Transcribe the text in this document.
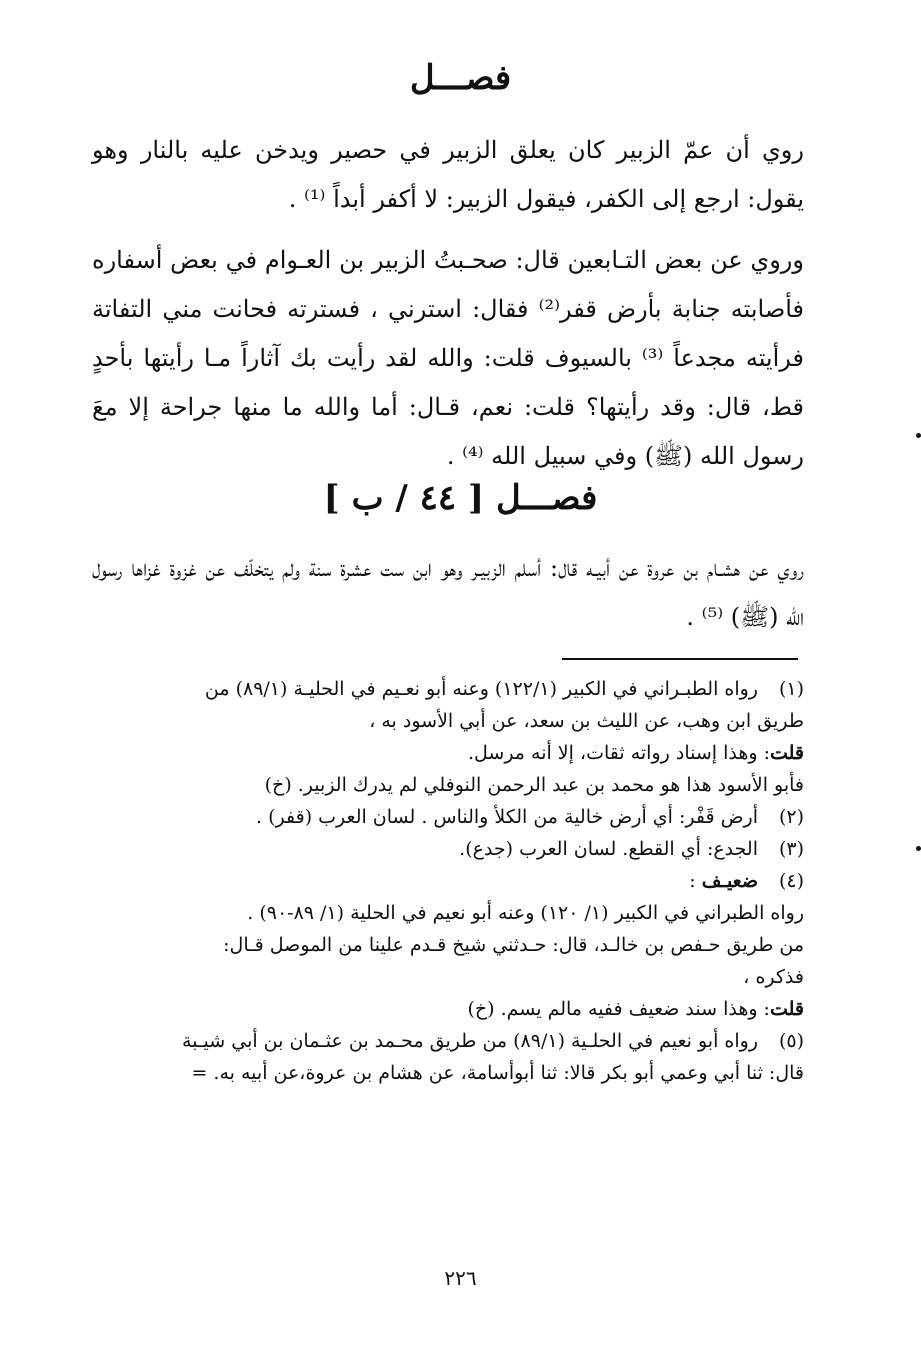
فصـــل
روي أن عمّ الزبير كان يعلق الزبير في حصير ويدخن عليه بالنار وهو يقول: ارجع إلى الكفر، فيقول الزبير: لا أكفر أبداً ⁽¹⁾ .
وروي عن بعض التـابعين قال: صحـبتُ الزبير بن العـوام في بعض أسفاره فأصابته جنابة بأرض قفر⁽²⁾ فقال: استرني ، فسترته فحانت مني التفاتة فرأيته مجدعاً ⁽³⁾ بالسيوف قلت: والله لقد رأيت بك آثاراً مـا رأيتها بأحدٍ قط، قال: وقد رأيتها؟ قلت: نعم، قـال: أما والله ما منها جراحة إلا معَ رسول الله (ﷺ) وفي سبيل الله ⁽⁴⁾ .
فصـــل [ ٤٤ / ب ]
روي عن هشـام بن عروة عن أبيـه قال: أسلم الزبيـر وهو ابن ست عشرة سنة ولم يتخلّف عن غزوة غزاها رسول الله (ﷺ) ⁽⁵⁾ .
(١)رواه الطبـراني في الكبير (١٢٢/١) وعنه أبو نعـيم في الحليـة (٨٩/١) من
طريق ابن وهب، عن الليث بن سعد، عن أبي الأسود به ،
قلت: وهذا إسناد رواته ثقات، إلا أنه مرسل.
فأبو الأسود هذا هو محمد بن عبد الرحمن النوفلي لم يدرك الزبير. (خ)
(٢)أرض قَفْر: أي أرض خالية من الكلأ والناس . لسان العرب (قفر) .
(٣)الجدع: أي القطع. لسان العرب (جدع).
(٤)ضعيـف :
رواه الطبراني في الكبير (١/ ١٢٠) وعنه أبو نعيم في الحلية (١/ ٨٩-٩٠) .
من طريق حـفص بن خالـد، قال: حـدثني شيخ قـدم علينا من الموصل قـال:
فذكره ،
قلت: وهذا سند ضعيف ففيه مالم يسم. (خ)
(٥)رواه أبو نعيم في الحلـية (٨٩/١) من طريق محـمد بن عثـمان بن أبي شيـبة
قال: ثنا أبي وعمي أبو بكر قالا: ثنا أبوأسامة، عن هشام بن عروة،عن أبيه به. =
٢٢٦
